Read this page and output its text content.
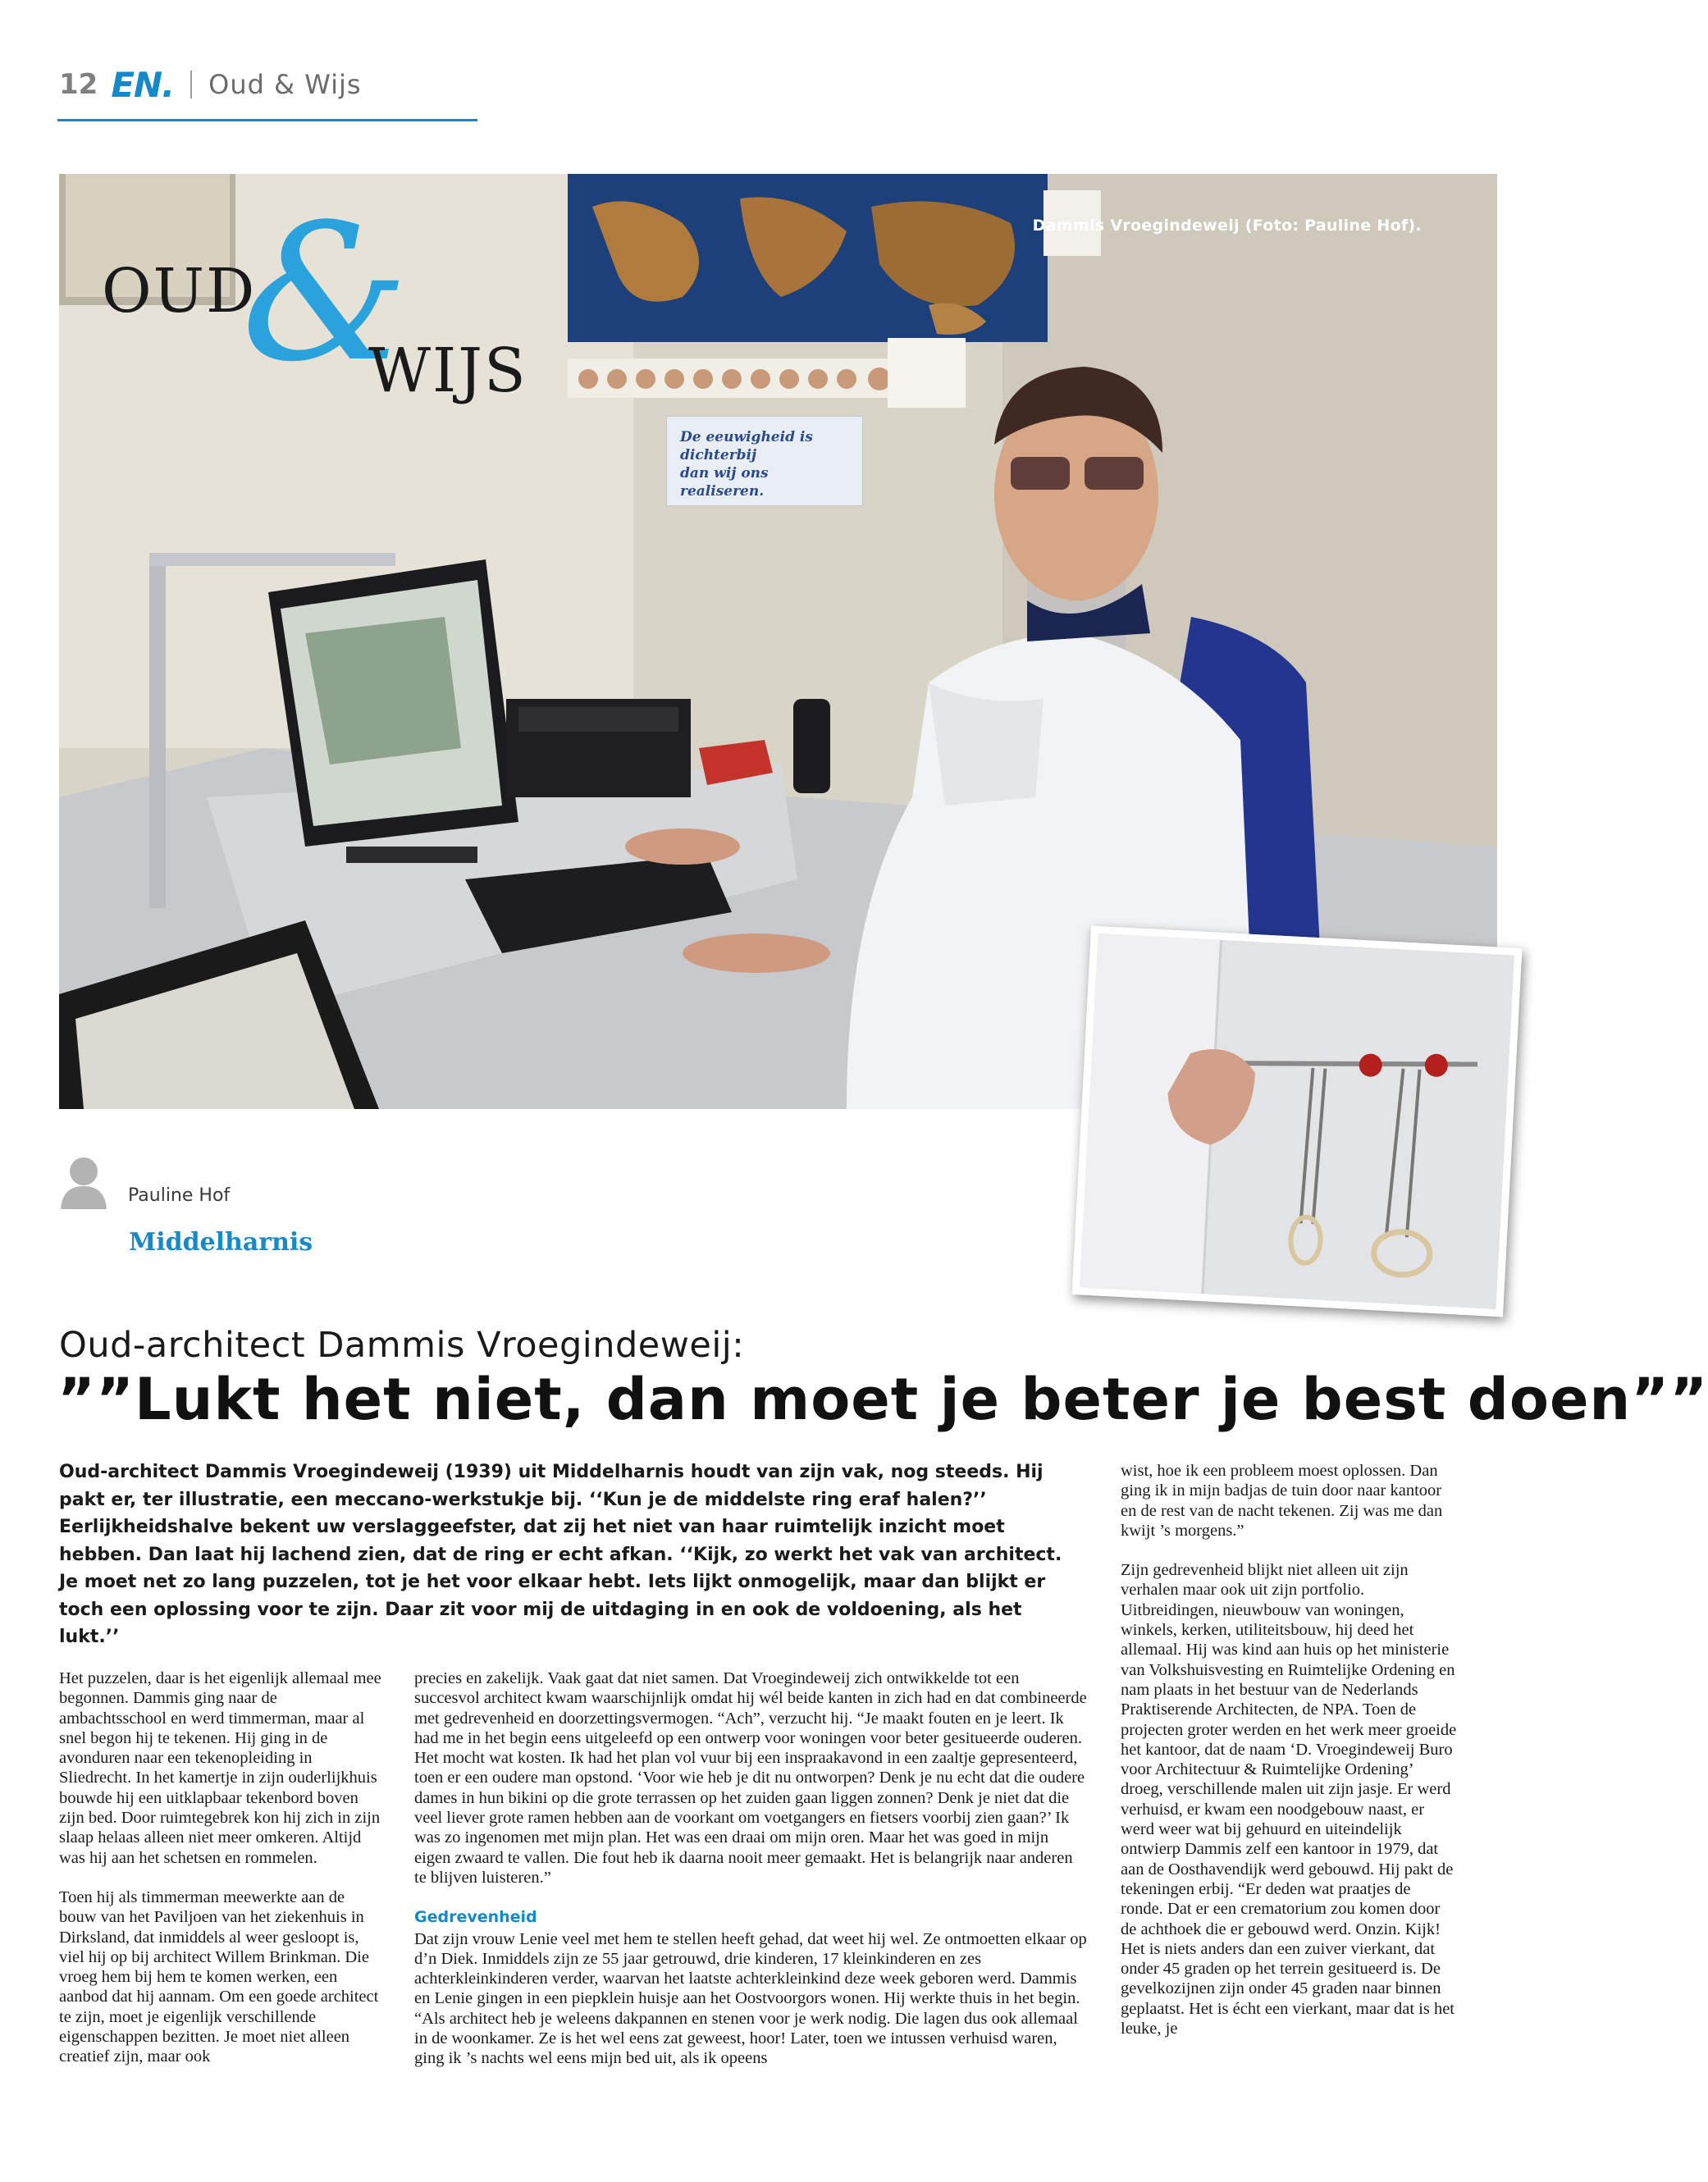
12 EN. Oud & Wijs
Dammis Vroegindeweij (Foto: Pauline Hof).
&
OUD
WIJS
De eeuwigheid is
dichterbij
dan wij ons realiseren.
Pauline Hof
Middelharnis
Oud-architect Dammis Vroegindeweij:
””Lukt het niet, dan moet je beter je best doen””
Oud-architect Dammis Vroegindeweij (1939) uit Middelharnis houdt van zijn vak, nog steeds. Hij pakt er, ter illustratie, een meccano-werkstukje bij. ‘‘Kun je de middelste ring eraf halen?’’ Eerlijkheidshalve bekent uw verslaggeefster, dat zij het niet van haar ruimtelijk inzicht moet hebben. Dan laat hij lachend zien, dat de ring er echt afkan. ‘‘Kijk, zo werkt het vak van architect. Je moet net zo lang puzzelen, tot je het voor elkaar hebt. Iets lijkt onmogelijk, maar dan blijkt er toch een oplossing voor te zijn. Daar zit voor mij de uitdaging in en ook de voldoening, als het lukt.’’

Het puzzelen, daar is het eigenlijk allemaal mee begonnen. Dammis ging naar de ambachtsschool en werd timmerman, maar al snel begon hij te tekenen. Hij ging in de avonduren naar een tekenopleiding in Sliedrecht. In het kamertje in zijn ouderlijkhuis bouwde hij een uitklapbaar tekenbord boven zijn bed. Door ruimtegebrek kon hij zich in zijn slaap helaas alleen niet meer omkeren. Altijd was hij aan het schetsen en rommelen.

Toen hij als timmerman meewerkte aan de bouw van het Paviljoen van het ziekenhuis in Dirksland, dat inmiddels al weer gesloopt is, viel hij op bij architect Willem Brinkman. Die vroeg hem bij hem te komen werken, een aanbod dat hij aannam. Om een goede architect te zijn, moet je eigenlijk verschillende eigenschappen bezitten. Je moet niet alleen creatief zijn, maar ook

precies en zakelijk. Vaak gaat dat niet samen. Dat Vroegindeweij zich ontwikkelde tot een succesvol architect kwam waarschijnlijk omdat hij wél beide kanten in zich had en dat combineerde met gedrevenheid en doorzettingsvermogen. “Ach”, verzucht hij. “Je maakt fouten en je leert. Ik had me in het begin eens uitgeleefd op een ontwerp voor woningen voor beter gesitueerde ouderen. Het mocht wat kosten. Ik had het plan vol vuur bij een inspraakavond in een zaaltje gepresenteerd, toen er een oudere man opstond. ‘Voor wie heb je dit nu ontworpen? Denk je nu echt dat die oudere dames in hun bikini op die grote terrassen op het zuiden gaan liggen zonnen? Denk je niet dat die veel liever grote ramen hebben aan de voorkant om voetgangers en fietsers voorbij zien gaan?’ Ik was zo ingenomen met mijn plan. Het was een draai om mijn oren. Maar het was goed in mijn eigen zwaard te vallen. Die fout heb ik daarna nooit meer gemaakt. Het is belangrijk naar anderen te blijven luisteren.”

Gedrevenheid

Dat zijn vrouw Lenie veel met hem te stellen heeft gehad, dat weet hij wel. Ze ontmoetten elkaar op d’n Diek. Inmiddels zijn ze 55 jaar getrouwd, drie kinderen, 17 kleinkinderen en zes achterkleinkinderen verder, waarvan het laatste achterkleinkind deze week geboren werd. Dammis en Lenie gingen in een piepklein huisje aan het Oostvoorgors wonen. Hij werkte thuis in het begin. “Als architect heb je weleens dakpannen en stenen voor je werk nodig. Die lagen dus ook allemaal in de woonkamer. Ze is het wel eens zat geweest, hoor! Later, toen we intussen verhuisd waren, ging ik ’s nachts wel eens mijn bed uit, als ik opeens

wist, hoe ik een probleem moest oplossen. Dan ging ik in mijn badjas de tuin door naar kantoor en de rest van de nacht tekenen. Zij was me dan kwijt ’s morgens.”

Zijn gedrevenheid blijkt niet alleen uit zijn verhalen maar ook uit zijn portfolio. Uitbreidingen, nieuwbouw van woningen, winkels, kerken, utiliteitsbouw, hij deed het allemaal. Hij was kind aan huis op het ministerie van Volkshuisvesting en Ruimtelijke Ordening en nam plaats in het bestuur van de Nederlands Praktiserende Architecten, de NPA. Toen de projecten groter werden en het werk meer groeide het kantoor, dat de naam ‘D. Vroegindeweij Buro voor Architectuur & Ruimtelijke Ordening’ droeg, verschillende malen uit zijn jasje. Er werd verhuisd, er kwam een noodgebouw naast, er werd weer wat bij gehuurd en uiteindelijk ontwierp Dammis zelf een kantoor in 1979, dat aan de Oosthavendijk werd gebouwd. Hij pakt de tekeningen erbij. “Er deden wat praatjes de ronde. Dat er een crematorium zou komen door de achthoek die er gebouwd werd. Onzin. Kijk! Het is niets anders dan een zuiver vierkant, dat onder 45 graden op het terrein gesitueerd is. De gevelkozijnen zijn onder 45 graden naar binnen geplaatst. Het is écht een vierkant, maar dat is het leuke, je
